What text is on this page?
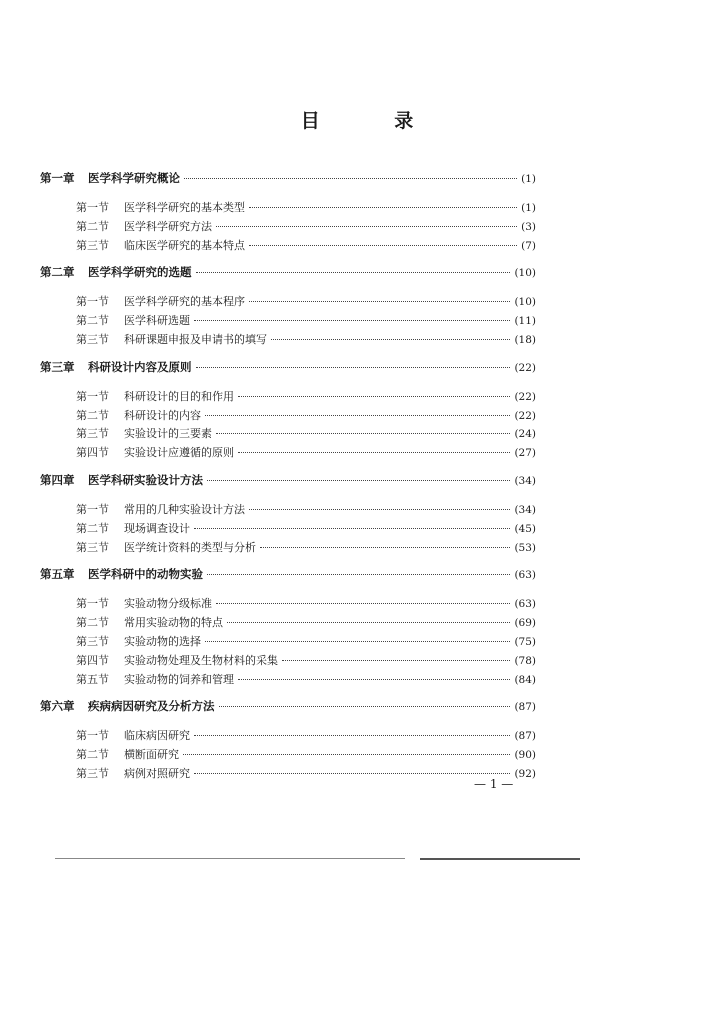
目 录
第一章	医学科学研究概论	(1)
第一节	医学科学研究的基本类型	(1)
第二节	医学科学研究方法	(3)
第三节	临床医学研究的基本特点	(7)
第二章	医学科学研究的选题	(10)
第一节	医学科学研究的基本程序	(10)
第二节	医学科研选题	(11)
第三节	科研课题申报及申请书的填写	(18)
第三章	科研设计内容及原则	(22)
第一节	科研设计的目的和作用	(22)
第二节	科研设计的内容	(22)
第三节	实验设计的三要素	(24)
第四节	实验设计应遵循的原则	(27)
第四章	医学科研实验设计方法	(34)
第一节	常用的几种实验设计方法	(34)
第二节	现场调查设计	(45)
第三节	医学统计资料的类型与分析	(53)
第五章	医学科研中的动物实验	(63)
第一节	实验动物分级标准	(63)
第二节	常用实验动物的特点	(69)
第三节	实验动物的选择	(75)
第四节	实验动物处理及生物材料的采集	(78)
第五节	实验动物的饲养和管理	(84)
第六章	疾病病因研究及分析方法	(87)
第一节	临床病因研究	(87)
第二节	横断面研究	(90)
第三节	病例对照研究	(92)
— 1 —
